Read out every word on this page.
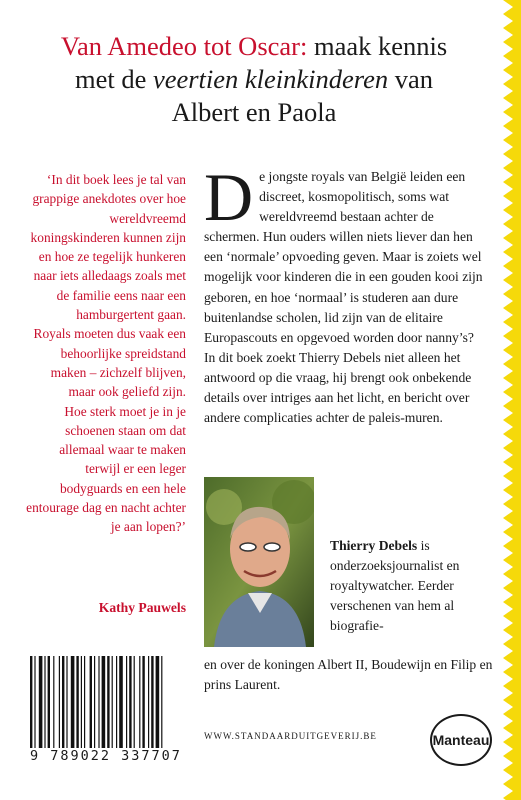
Van Amedeo tot Oscar: maak kennis
met de veertien kleinkinderen van
Albert en Paola

‘In dit boek lees je tal van grappige anekdotes over hoe wereldvreemd koningskinderen kunnen zijn en hoe ze tegelijk hunkeren naar iets alledaags zoals met de familie eens naar een hamburgertent gaan.

Royals moeten dus vaak een behoorlijke spreidstand maken – zichzelf blijven, maar ook geliefd zijn.

Hoe sterk moet je in je schoenen staan om dat allemaal waar te maken terwijl er een leger bodyguards en een hele entourage dag en nacht achter je aan lopen?’

Kathy Pauwels
D e jongste royals van België leiden een discreet, kosmopolitisch, soms wat wereldvreemd bestaan achter de schermen. Hun ouders willen niets liever dan hen een ‘normale’ opvoeding geven. Maar is zoiets wel mogelijk voor kinderen die in een gouden kooi zijn geboren, en hoe ‘normaal’ is studeren aan dure buitenlandse scholen, lid zijn van de elitaire Europascouts en opgevoed worden door nanny’s?

In dit boek zoekt Thierry Debels niet alleen het antwoord op die vraag, hij brengt ook onbekende details over intriges aan het licht, en bericht over andere complicaties achter de paleis-muren.

Thierry Debels is onderzoeksjournalist en royaltywatcher. Eerder verschenen van hem al biografie-

en over de koningen Albert II, Boudewijn en Filip en prins Laurent.
9 789022 337707
WWW.STANDAARDUITGEVERIJ.BE	Manteau
